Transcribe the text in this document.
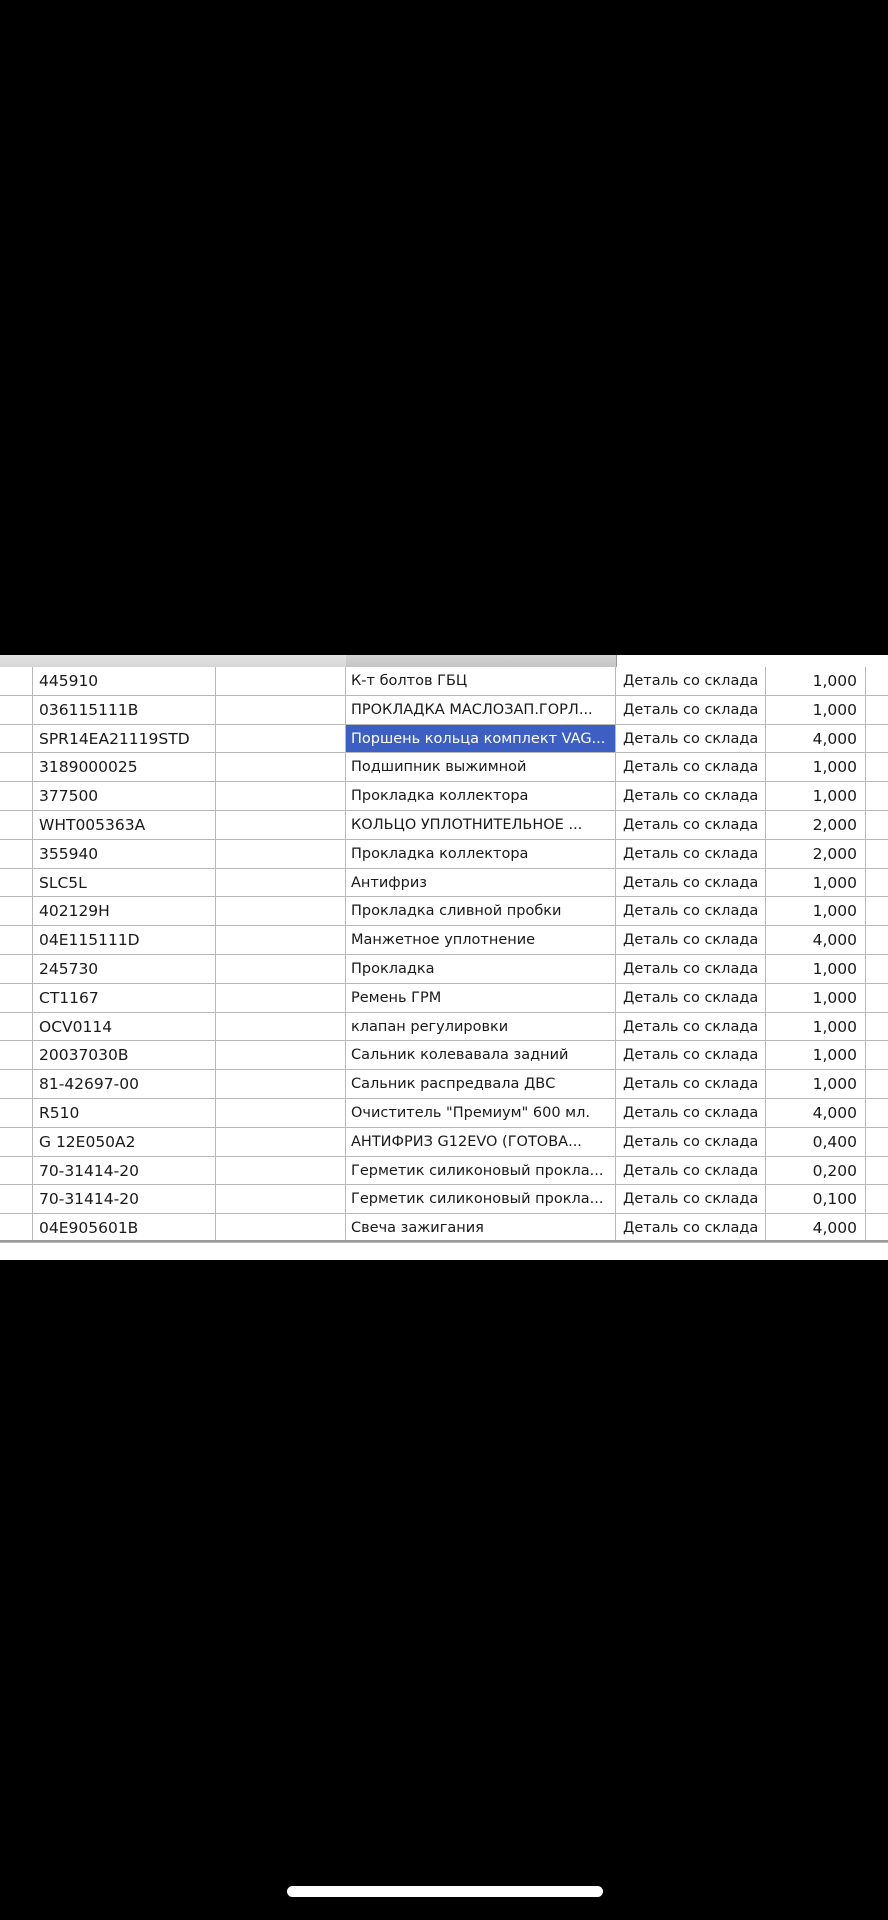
445910	К-т болтов ГБЦ	Деталь со склада	1,000
036115111B	ПРОКЛАДКА МАСЛОЗАП.ГОРЛ...	Деталь со склада	1,000
SPR14EA21119STD	Поршень кольца комплект VAG...	Деталь со склада	4,000
3189000025	Подшипник выжимной	Деталь со склада	1,000
377500	Прокладка коллектора	Деталь со склада	1,000
WHT005363A	КОЛЬЦО УПЛОТНИТЕЛЬНОЕ ...	Деталь со склада	2,000
355940	Прокладка коллектора	Деталь со склада	2,000
SLC5L	Антифриз	Деталь со склада	1,000
402129H	Прокладка сливной пробки	Деталь со склада	1,000
04E115111D	Манжетное уплотнение	Деталь со склада	4,000
245730	Прокладка	Деталь со склада	1,000
CT1167	Ремень ГРМ	Деталь со склада	1,000
OCV0114	клапан регулировки	Деталь со склада	1,000
20037030B	Сальник колевавала задний	Деталь со склада	1,000
81-42697-00	Сальник распредвала ДВС	Деталь со склада	1,000
R510	Очиститель "Премиум" 600 мл.	Деталь со склада	4,000
G 12E050A2	АНТИФРИЗ G12EVO (ГОТОВА...	Деталь со склада	0,400
70-31414-20	Герметик силиконовый прокла...	Деталь со склада	0,200
70-31414-20	Герметик силиконовый прокла...	Деталь со склада	0,100
04E905601B	Свеча зажигания	Деталь со склада	4,000
